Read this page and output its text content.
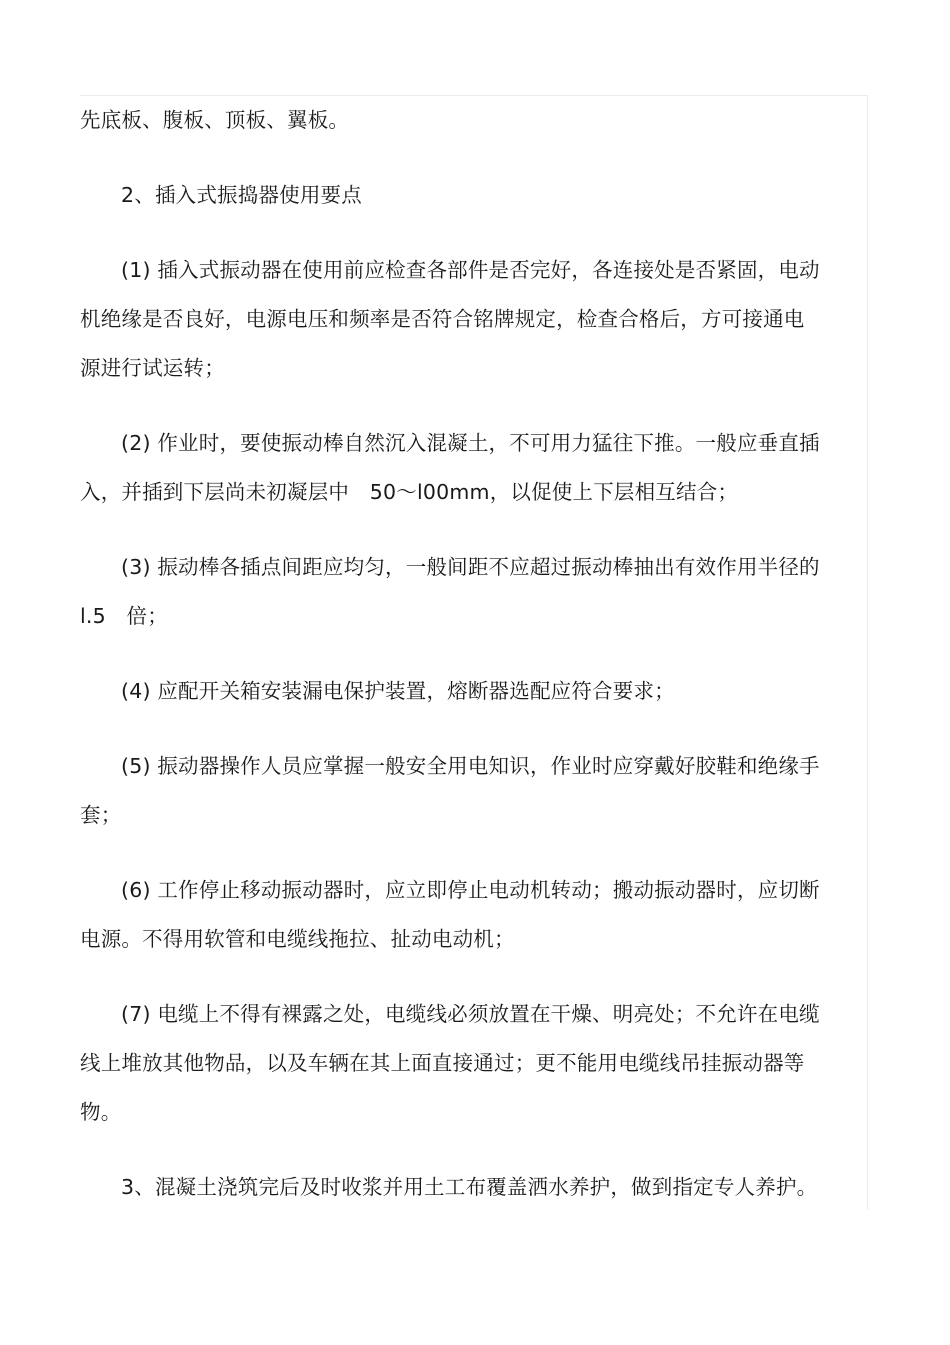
先底板、腹板、顶板、翼板。
2、插入式振捣器使用要点
(1) 插入式振动器在使用前应检查各部件是否完好，各连接处是否紧固，电动
机绝缘是否良好，电源电压和频率是否符合铭牌规定，检查合格后，方可接通电
源进行试运转；
(2) 作业时，要使振动棒自然沉入混凝土，不可用力猛往下推。一般应垂直插
入，并插到下层尚未初凝层中　50～l00mm，以促使上下层相互结合；
(3) 振动棒各插点间距应均匀，一般间距不应超过振动棒抽出有效作用半径的
l.5　倍；
(4) 应配开关箱安装漏电保护装置，熔断器选配应符合要求；
(5) 振动器操作人员应掌握一般安全用电知识，作业时应穿戴好胶鞋和绝缘手
套；
(6) 工作停止移动振动器时，应立即停止电动机转动；搬动振动器时，应切断
电源。不得用软管和电缆线拖拉、扯动电动机；
(7) 电缆上不得有裸露之处，电缆线必须放置在干燥、明亮处；不允许在电缆
线上堆放其他物品，以及车辆在其上面直接通过；更不能用电缆线吊挂振动器等
物。
3、混凝土浇筑完后及时收浆并用土工布覆盖洒水养护，做到指定专人养护。
